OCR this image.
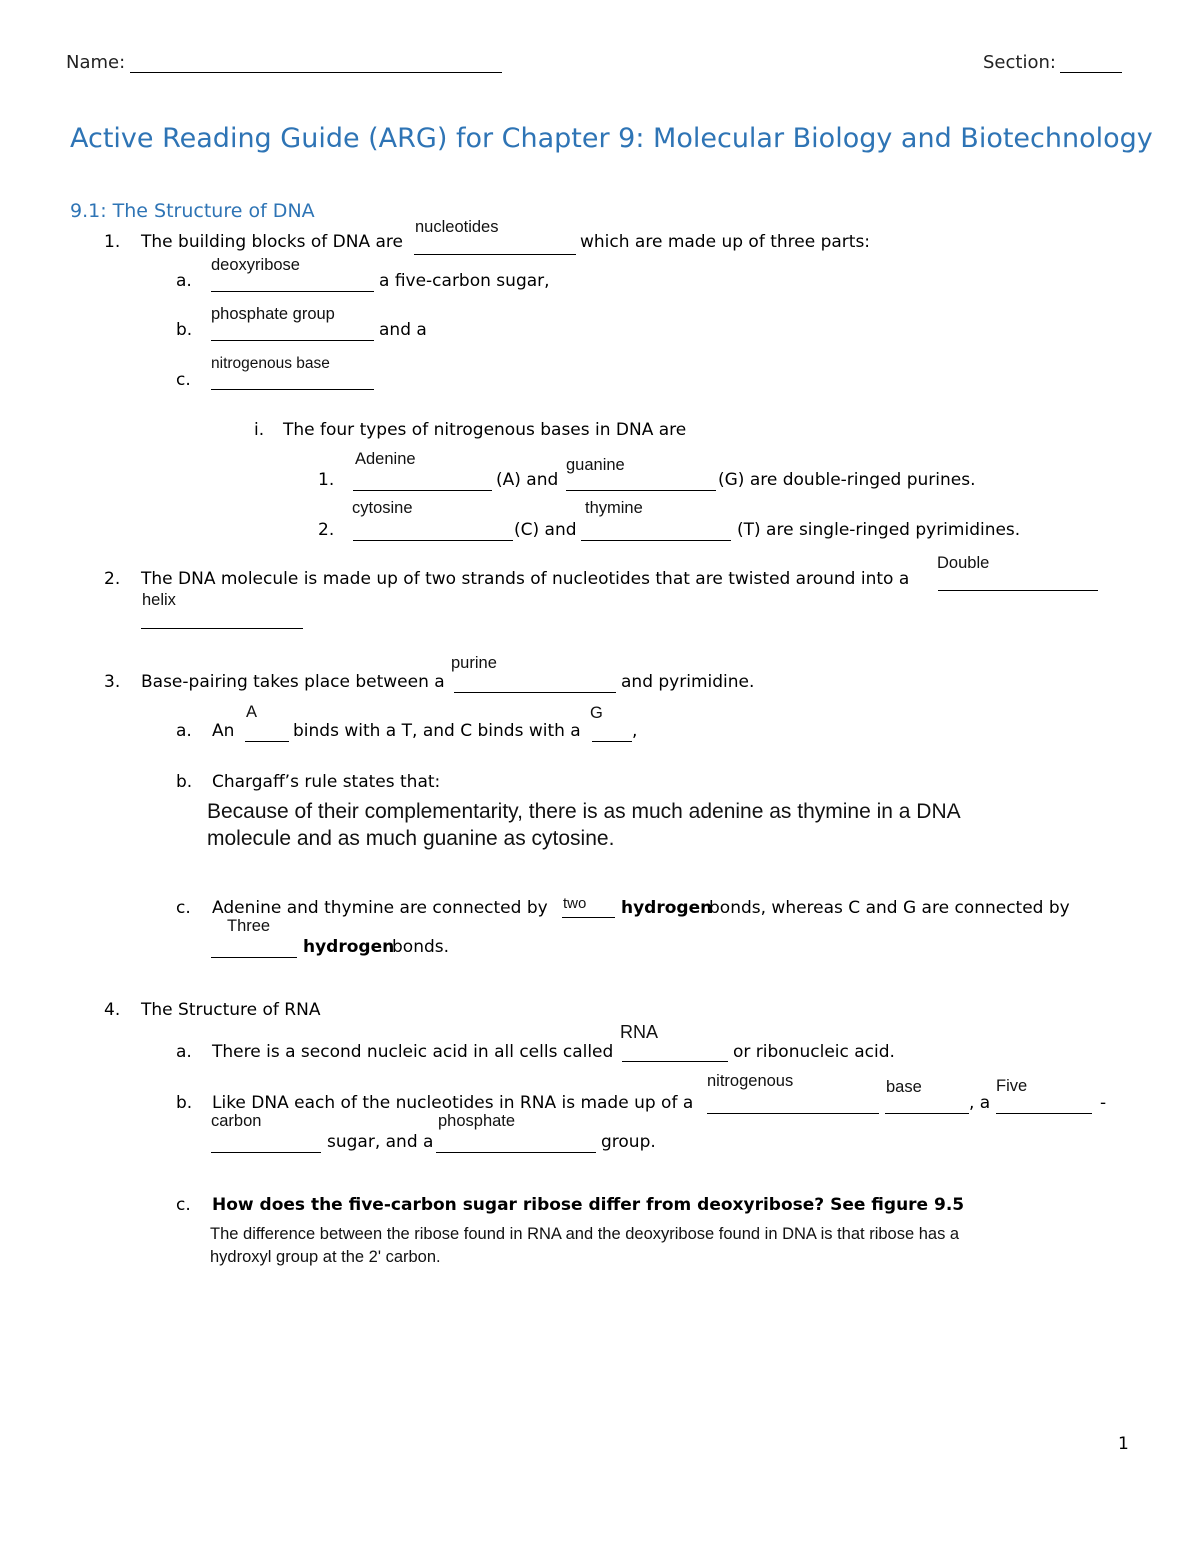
Name:	Section:
Active Reading Guide (ARG) for Chapter 9: Molecular Biology and Biotechnology
9.1: The Structure of DNA
1. The building blocks of DNA are
nucleotides
which are made up of three parts:
a.
deoxyribose
a five-carbon sugar,
b.
phosphate group
and a
c.
nitrogenous base
i. The four types of nitrogenous bases in DNA are
1.
Adenine
(A) and
guanine
(G) are double-ringed purines.
2.
cytosine
(C) and
thymine
(T) are single-ringed pyrimidines.
2. The DNA molecule is made up of two strands of nucleotides that are twisted around into a
Double
helix
3. Base-pairing takes place between a
purine
and pyrimidine.
a. An
A
binds with a T, and C binds with a
G
,
b. Chargaff’s rule states that:
Because of their complementarity, there is as much adenine as thymine in a DNA
molecule and as much guanine as cytosine.
c. Adenine and thymine are connected by two hydrogen
bonds, whereas C and G are connected by
Three
hydrogen
bonds.
4. The Structure of RNA
a. There is a second nucleic acid in all cells called
RNA
or ribonucleic acid.
b. Like DNA each of the nucleotides in RNA is made up of a
nitrogenous	base
, a
Five
-
carbon
sugar, and a
phosphate
group.
c. How does the five-carbon sugar ribose differ from deoxyribose? See figure 9.5
The difference between the ribose found in RNA and the deoxyribose found in DNA is that ribose has a
hydroxyl group at the 2' carbon.
1
